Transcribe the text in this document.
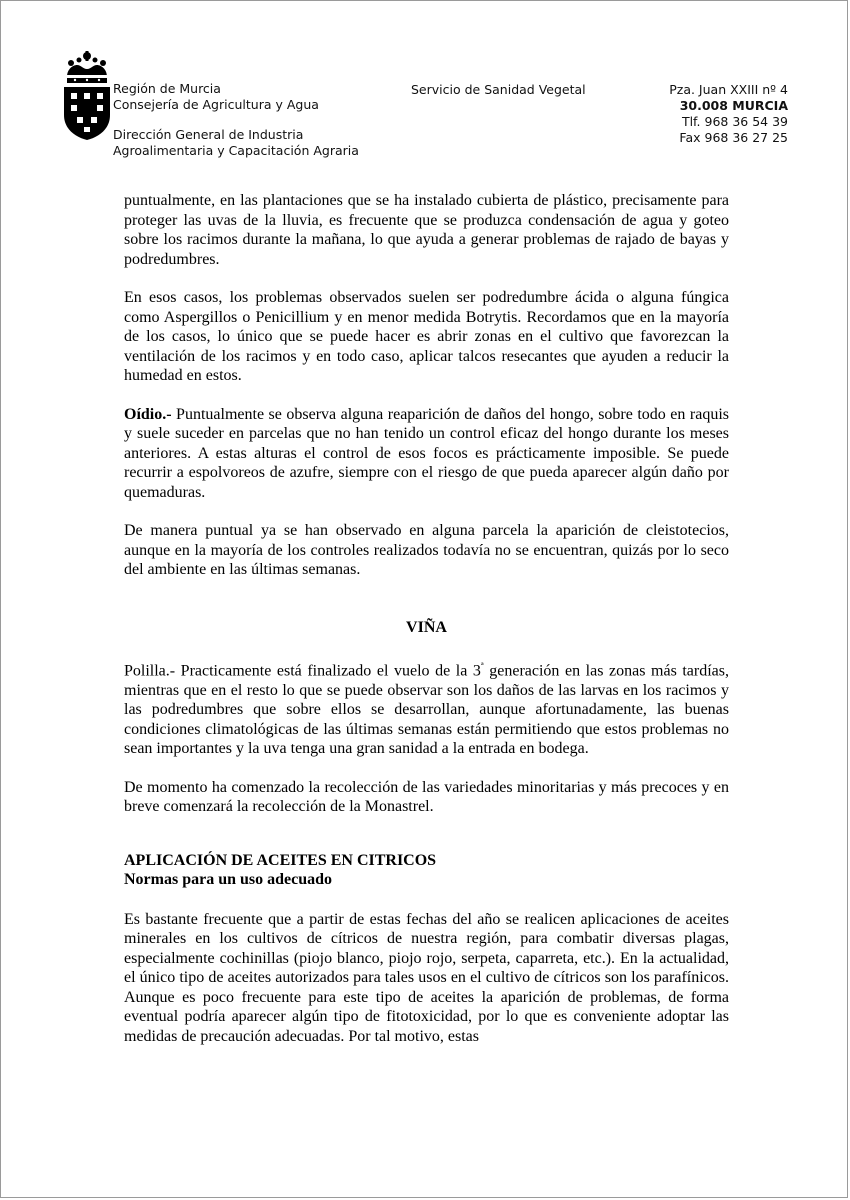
Región de Murcia
Consejería de Agricultura y Agua
Dirección General de Industria
Agroalimentaria y Capacitación Agraria
Servicio de Sanidad Vegetal	Pza. Juan XXIII nº 4
30.008 MURCIA
Tlf. 968 36 54 39
Fax 968 36 27 25

puntualmente, en las plantaciones que se ha instalado cubierta de plástico, precisamente para proteger las uvas de la lluvia, es frecuente que se produzca condensación de agua y goteo sobre los racimos durante la mañana, lo que ayuda a generar problemas de rajado de bayas y podredumbres.

En esos casos, los problemas observados suelen ser podredumbre ácida o alguna fúngica como Aspergillos o Penicillium y en menor medida Botrytis. Recordamos que en la mayoría de los casos, lo único que se puede hacer es abrir zonas en el cultivo que favorezcan la ventilación de los racimos y en todo caso, aplicar talcos resecantes que ayuden a reducir la humedad en estos.

Oídio.- Puntualmente se observa alguna reaparición de daños del hongo, sobre todo en raquis y suele suceder en parcelas que no han tenido un control eficaz del hongo durante los meses anteriores. A estas alturas el control de esos focos es prácticamente imposible. Se puede recurrir a espolvoreos de azufre, siempre con el riesgo de que pueda aparecer algún daño por quemaduras.

De manera puntual ya se han observado en alguna parcela la aparición de cleistotecios, aunque en la mayoría de los controles realizados todavía no se encuentran, quizás por lo seco del ambiente en las últimas semanas.

VIÑA

Polilla.- Practicamente está finalizado el vuelo de la $3^ª$ generación en las zonas más tardías, mientras que en el resto lo que se puede observar son los daños de las larvas en los racimos y las podredumbres que sobre ellos se desarrollan, aunque afortunadamente, las buenas condiciones climatológicas de las últimas semanas están permitiendo que estos problemas no sean importantes y la uva tenga una gran sanidad a la entrada en bodega.

De momento ha comenzado la recolección de las variedades minoritarias y más precoces y en breve comenzará la recolección de la Monastrel.

APLICACIÓN DE ACEITES EN CITRICOS
Normas para un uso adecuado

Es bastante frecuente que a partir de estas fechas del año se realicen aplicaciones de aceites minerales en los cultivos de cítricos de nuestra región, para combatir diversas plagas, especialmente cochinillas (piojo blanco, piojo rojo, serpeta, caparreta, etc.). En la actualidad, el único tipo de aceites autorizados para tales usos en el cultivo de cítricos son los parafínicos. Aunque es poco frecuente para este tipo de aceites la aparición de problemas, de forma eventual podría aparecer algún tipo de fitotoxicidad, por lo que es conveniente adoptar las medidas de precaución adecuadas. Por tal motivo, estas
